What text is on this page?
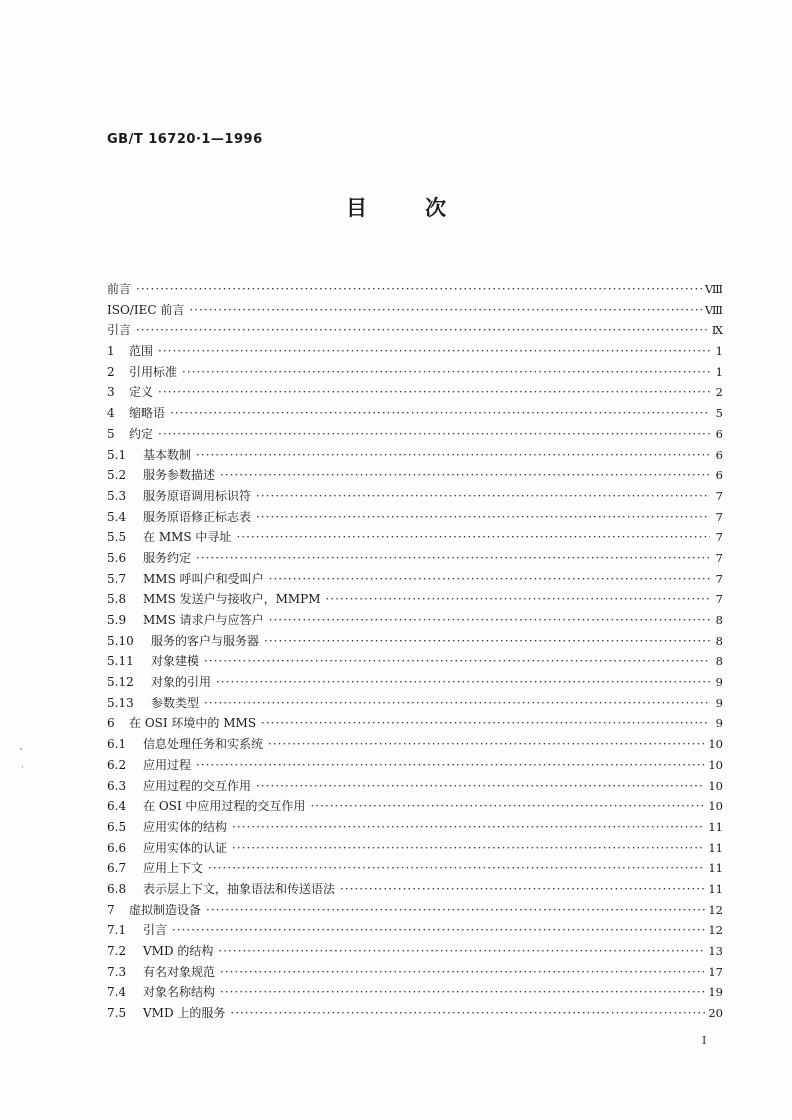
GB/T 16720·1—1996
目	次
前言 ·····	Ⅷ
ISO/IEC 前言 ·····	Ⅷ
引言 ·····	Ⅸ
1	范围 ·····	1
2	引用标准 ·····	1
3	定义 ·····	2
4	缩略语 ·····	5
5	约定 ·····	6
5.1	基本数制 ·····	6
5.2	服务参数描述 ·····	6
5.3	服务原语调用标识符 ·····	7
5.4	服务原语修正标志表 ·····	7
5.5	在 MMS 中寻址 ·····	7
5.6	服务约定 ·····	7
5.7	MMS 呼叫户和受叫户 ·····	7
5.8	MMS 发送户与接收户，MMPM ·····	7
5.9	MMS 请求户与应答户 ·····	8
5.10	服务的客户与服务器 ·····	8
5.11	对象建模 ·····	8
5.12	对象的引用 ·····	9
5.13	参数类型 ·····	9
6	在 OSI 环境中的 MMS ·····	9
6.1	信息处理任务和实系统 ·····	10
6.2	应用过程 ·····	10
6.3	应用过程的交互作用 ·····	10
6.4	在 OSI 中应用过程的交互作用 ·····	10
6.5	应用实体的结构 ·····	11
6.6	应用实体的认证 ·····	11
6.7	应用上下文 ·····	11
6.8	表示层上下文，抽象语法和传送语法 ·····	11
7	虚拟制造设备 ·····	12
7.1	引言 ·····	12
7.2	VMD 的结构 ·····	13
7.3	有名对象规范 ·····	17
7.4	对象名称结构 ·····	19
7.5	VMD 上的服务 ·····	20
Ⅰ
